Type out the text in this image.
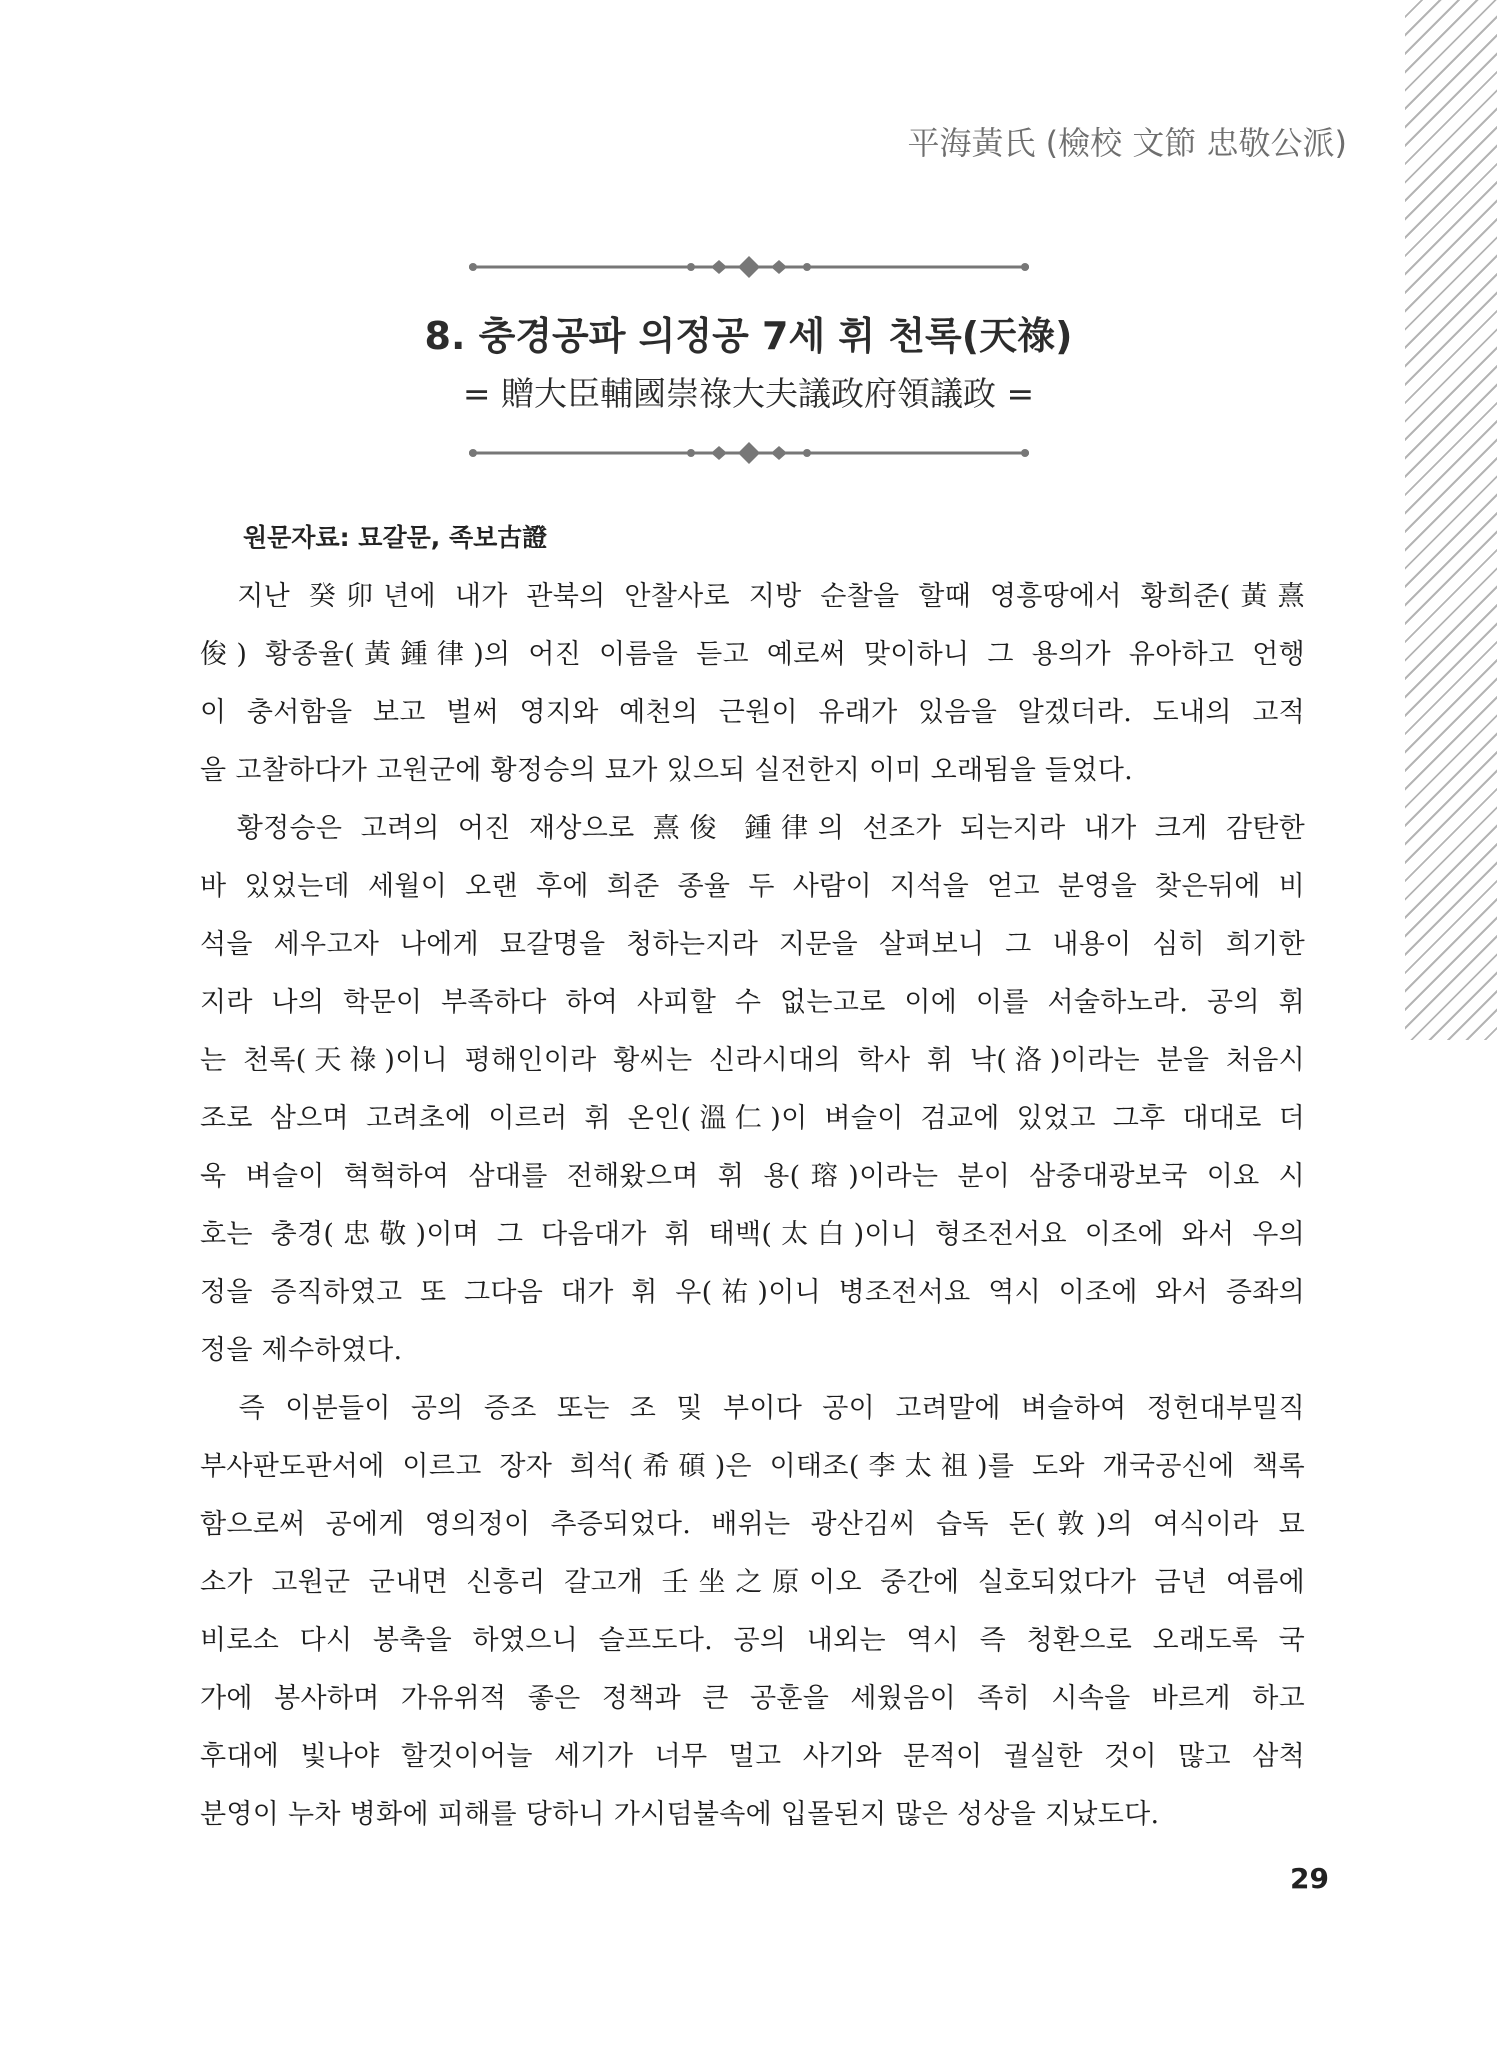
平海黃氏 (檢校 文節 忠敬公派)
8. 충경공파 의정공 7세 휘 천록(天祿)
= 贈大臣輔國崇祿大夫議政府領議政 =
원문자료: 묘갈문, 족보古證
　지난 癸卯년에 내가 관북의 안찰사로 지방 순찰을 할때 영흥땅에서 황희준(黃熹
俊) 황종율(黃鍾律)의 어진 이름을 듣고 예로써 맞이하니 그 용의가 유아하고 언행
이 충서함을 보고 벌써 영지와 예천의 근원이 유래가 있음을 알겠더라. 도내의 고적
을 고찰하다가 고원군에 황정승의 묘가 있으되 실전한지 이미 오래됨을 들었다.
　황정승은 고려의 어진 재상으로 熹俊 鍾律의 선조가 되는지라 내가 크게 감탄한
바 있었는데 세월이 오랜 후에 희준 종율 두 사람이 지석을 얻고 분영을 찾은뒤에 비
석을 세우고자 나에게 묘갈명을 청하는지라 지문을 살펴보니 그 내용이 심히 희기한
지라 나의 학문이 부족하다 하여 사피할 수 없는고로 이에 이를 서술하노라. 공의 휘
는 천록(天祿)이니 평해인이라 황씨는 신라시대의 학사 휘 낙(洛)이라는 분을 처음시
조로 삼으며 고려초에 이르러 휘 온인(溫仁)이 벼슬이 검교에 있었고 그후 대대로 더
욱 벼슬이 혁혁하여 삼대를 전해왔으며 휘 용(瑢)이라는 분이 삼중대광보국 이요 시
호는 충경(忠敬)이며 그 다음대가 휘 태백(太白)이니 형조전서요 이조에 와서 우의
정을 증직하였고 또 그다음 대가 휘 우(祐)이니 병조전서요 역시 이조에 와서 증좌의
정을 제수하였다.
　즉 이분들이 공의 증조 또는 조 및 부이다 공이 고려말에 벼슬하여 정헌대부밀직
부사판도판서에 이르고 장자 희석(希碩)은 이태조(李太祖)를 도와 개국공신에 책록
함으로써 공에게 영의정이 추증되었다. 배위는 광산김씨 습독 돈(敦)의 여식이라 묘
소가 고원군 군내면 신흥리 갈고개 壬坐之原이오 중간에 실호되었다가 금년 여름에
비로소 다시 봉축을 하였으니 슬프도다. 공의 내외는 역시 즉 청환으로 오래도록 국
가에 봉사하며 가유위적 좋은 정책과 큰 공훈을 세웠음이 족히 시속을 바르게 하고
후대에 빛나야 할것이어늘 세기가 너무 멀고 사기와 문적이 궐실한 것이 많고 삼척
분영이 누차 병화에 피해를 당하니 가시덤불속에 입몰된지 많은 성상을 지났도다.
29
